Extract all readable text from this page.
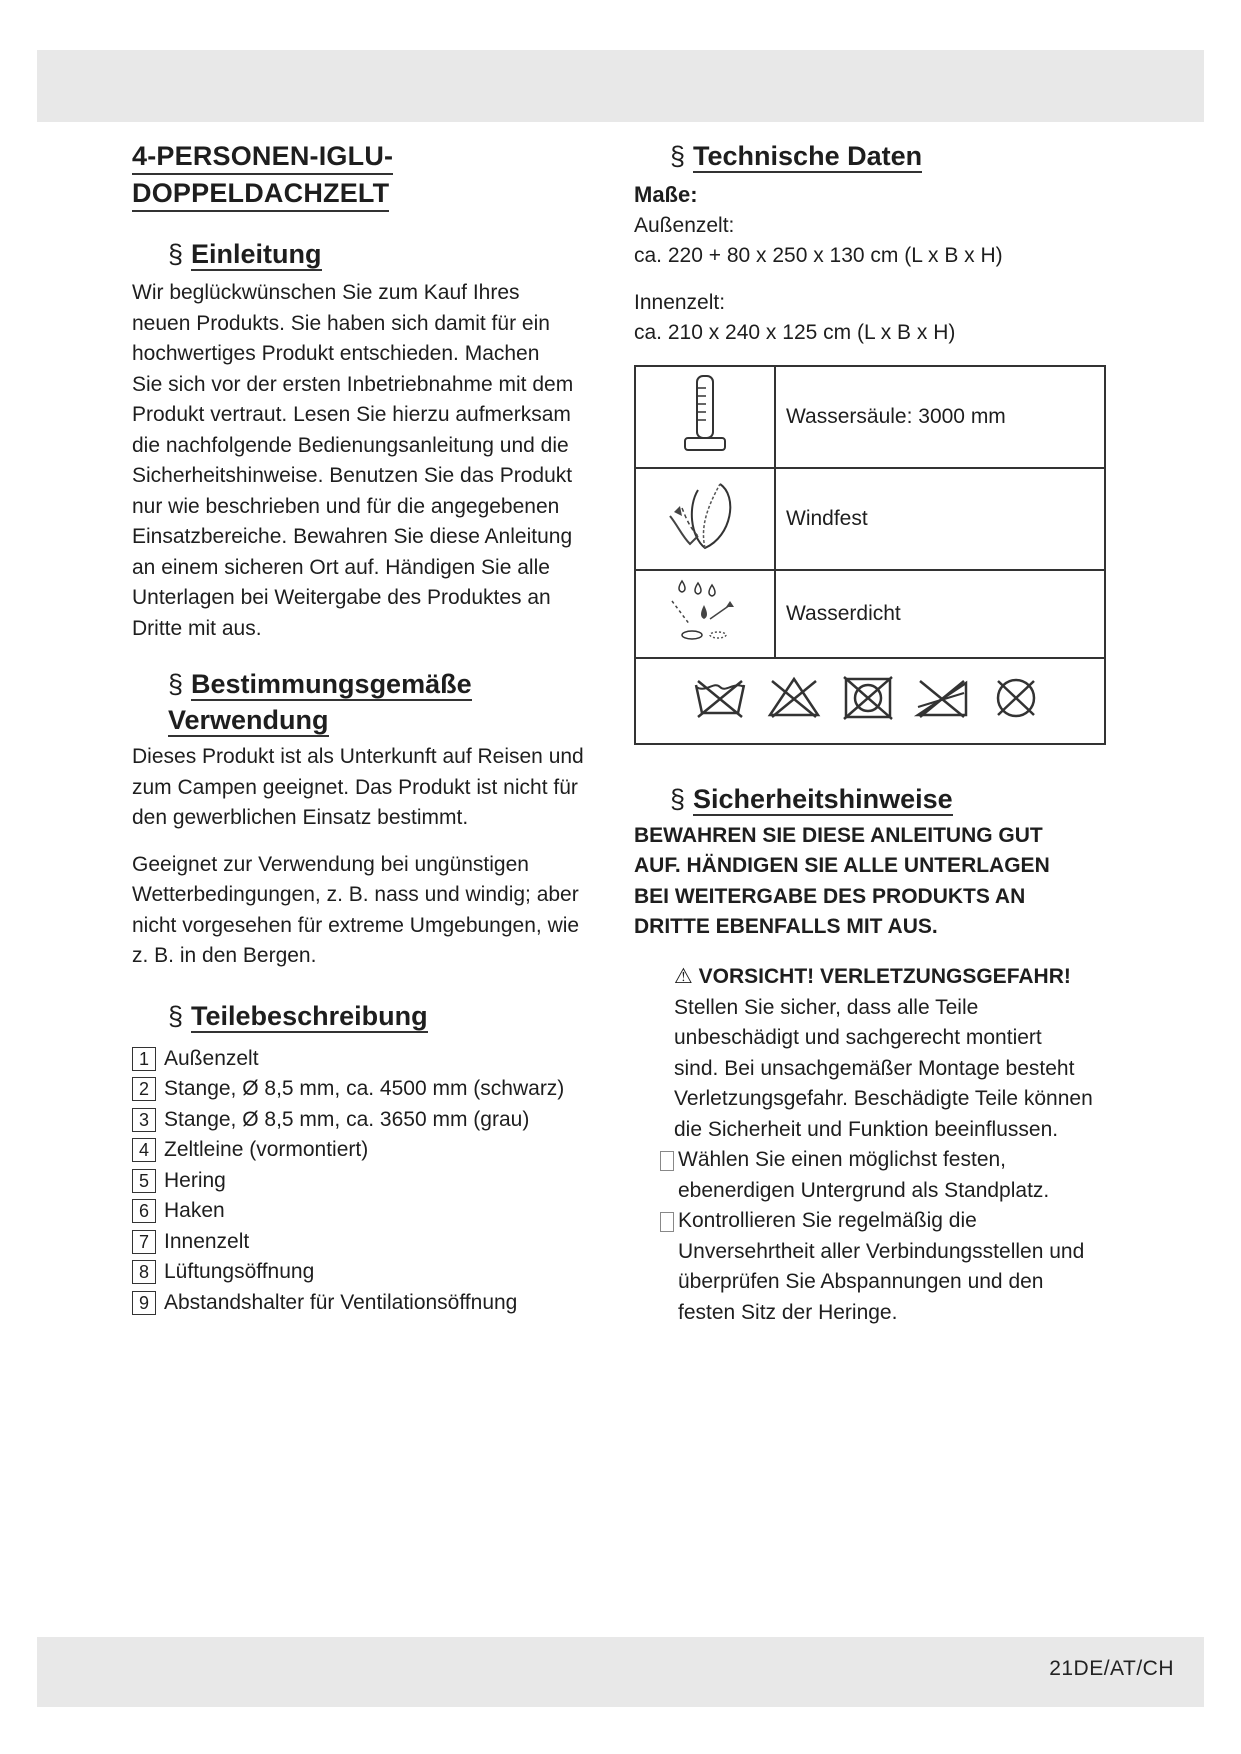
4-PERSONEN-IGLU-
DOPPELDACHZELT
§ Einleitung

Wir beglückwünschen Sie zum Kauf Ihres

neuen Produkts. Sie haben sich damit für ein

hochwertiges Produkt entschieden. Machen

Sie sich vor der ersten Inbetriebnahme mit dem

Produkt vertraut. Lesen Sie hierzu aufmerksam

die nachfolgende Bedienungsanleitung und die

Sicherheitshinweise. Benutzen Sie das Produkt

nur wie beschrieben und für die angegebenen

Einsatzbereiche. Bewahren Sie diese Anleitung

an einem sicheren Ort auf. Händigen Sie alle

Unterlagen bei Weitergabe des Produktes an

Dritte mit aus.

§ Bestimmungsgemäße
Verwendung

Dieses Produkt ist als Unterkunft auf Reisen und

zum Campen geeignet. Das Produkt ist nicht für

den gewerblichen Einsatz bestimmt.

Geeignet zur Verwendung bei ungünstigen

Wetterbedingungen, z. B. nass und windig; aber

nicht vorgesehen für extreme Umgebungen, wie

z. B. in den Bergen.

§ Teilebeschreibung
1 Außenzelt
2 Stange, Ø 8,5 mm, ca. 4500 mm (schwarz)
3 Stange, Ø 8,5 mm, ca. 3650 mm (grau)
4 Zeltleine (vormontiert)
5 Hering
6 Haken
7 Innenzelt
8 Lüftungsöffnung
9 Abstandshalter für Ventilationsöffnung
§ Technische Daten

Maße:

Außenzelt:

ca. 220 + 80 x 250 x 130 cm (L x B x H)

Innenzelt:

ca. 210 x 240 x 125 cm (L x B x H)

	Wassersäule: 3000 mm
	Windfest
	Wasserdicht

§ Sicherheitshinweise

BEWAHREN SIE DIESE ANLEITUNG GUT

AUF. HÄNDIGEN SIE ALLE UNTERLAGEN

BEI WEITERGABE DES PRODUKTS AN

DRITTE EBENFALLS MIT AUS.

⚠ VORSICHT! VERLETZUNGSGEFAHR!

Stellen Sie sicher, dass alle Teile

unbeschädigt und sachgerecht montiert

sind. Bei unsachgemäßer Montage besteht

Verletzungsgefahr. Beschädigte Teile können

die Sicherheit und Funktion beeinflussen.

Wählen Sie einen möglichst festen,
ebenerdigen Untergrund als Standplatz.
Kontrollieren Sie regelmäßig die
Unversehrtheit aller Verbindungsstellen und
überprüfen Sie Abspannungen und den
festen Sitz der Heringe.
21DE/AT/CH
